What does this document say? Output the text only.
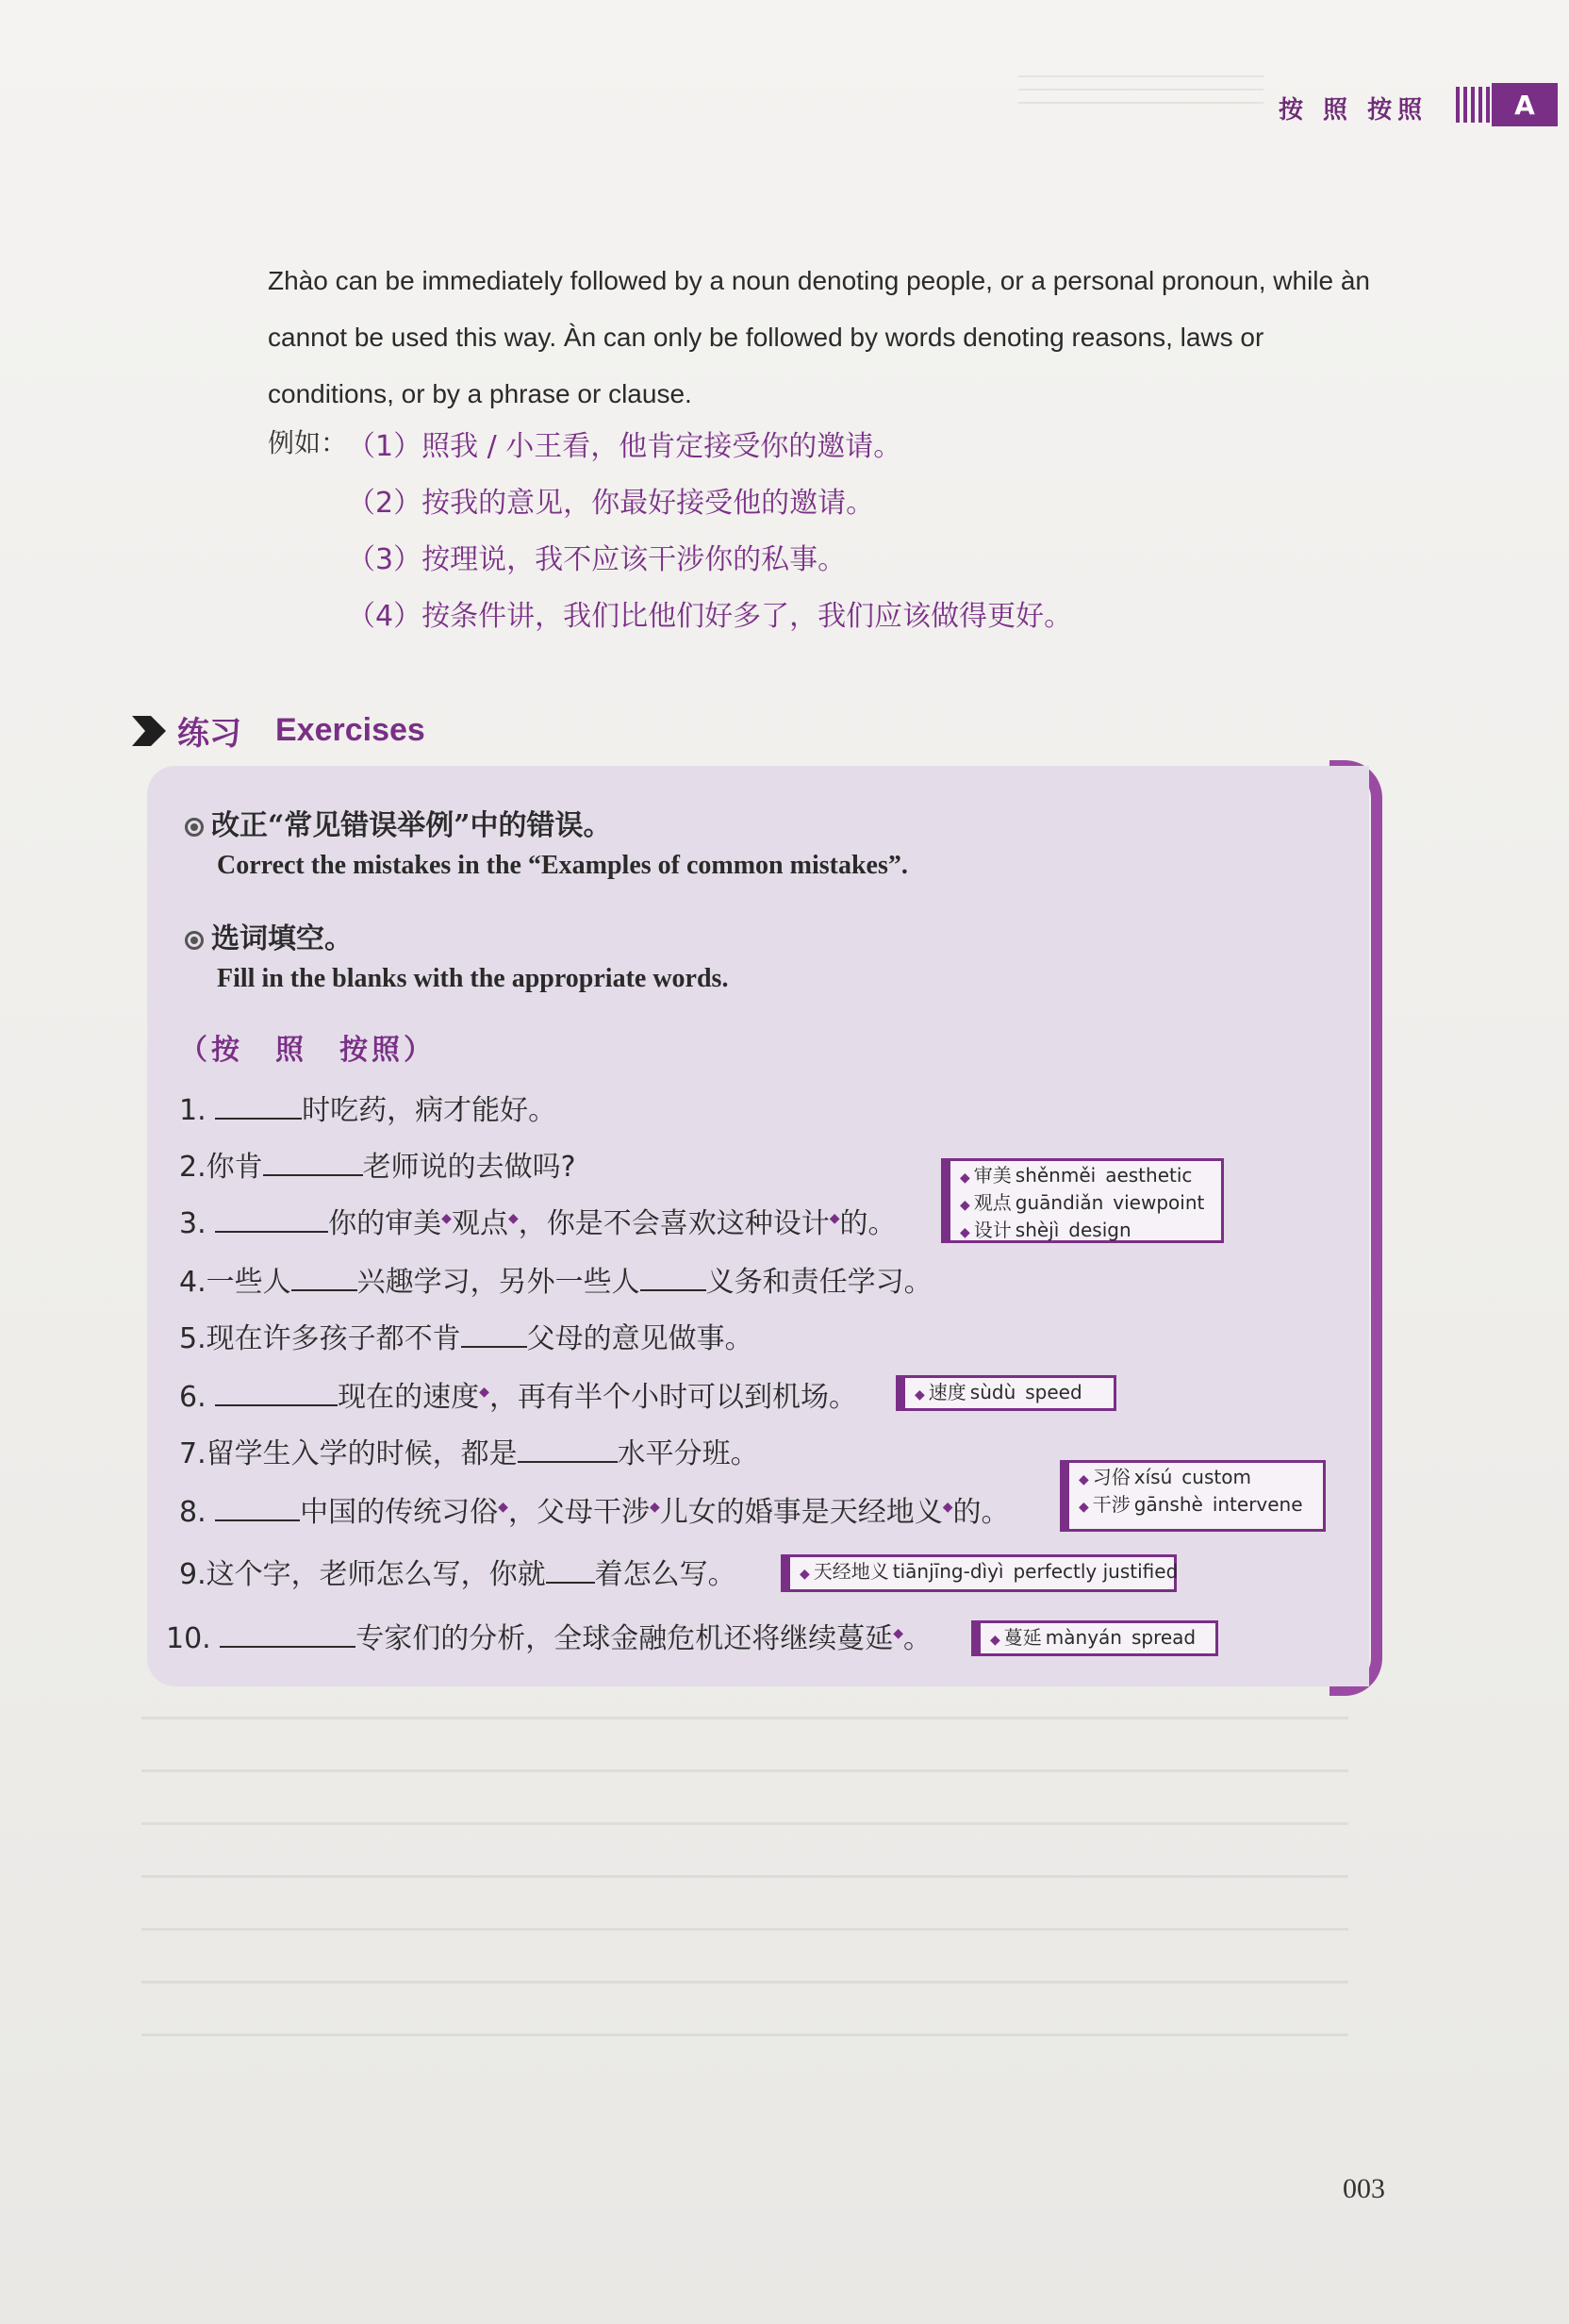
按 照 按照	A
Zhào can be immediately followed by a noun denoting people, or a personal pronoun, while àn cannot be used this way. Àn can only be followed by words denoting reasons, laws or conditions, or by a phrase or clause.
例如： （1）照我 / 小王看，他肯定接受你的邀请。
（2）按我的意见，你最好接受他的邀请。
（3）按理说，我不应该干涉你的私事。
（4）按条件讲，我们比他们好多了，我们应该做得更好。
练习 Exercises
改正“常见错误举例”中的错误。
Correct the mistakes in the “Examples of common mistakes”.
选词填空。
Fill in the blanks with the appropriate words.
（按　照　按照）
1.	时吃药，病才能好。
2.你肯	老师说的去做吗?
3.	你的审美◆观点◆，你是不会喜欢这种设计◆的。
4.一些人 兴趣学习，另外一些人 义务和责任学习。
5.现在许多孩子都不肯 父母的意见做事。
6.	现在的速度◆，再有半个小时可以到机场。
7.留学生入学的时候，都是	水平分班。
8.	中国的传统习俗◆，父母干涉◆儿女的婚事是天经地义◆的。
9.这个字，老师怎么写，你就 着怎么写。
10.	专家们的分析，全球金融危机还将继续蔓延◆。
◆ 审美 shěnměi aesthetic
◆ 观点 guāndiǎn viewpoint
◆ 设计 shèjì design
◆ 速度 sùdù speed
◆ 习俗 xísú custom
◆ 干涉 gānshè intervene
◆ 天经地义 tiānjīng-dìyì perfectly justified
◆ 蔓延 mànyán spread
003
